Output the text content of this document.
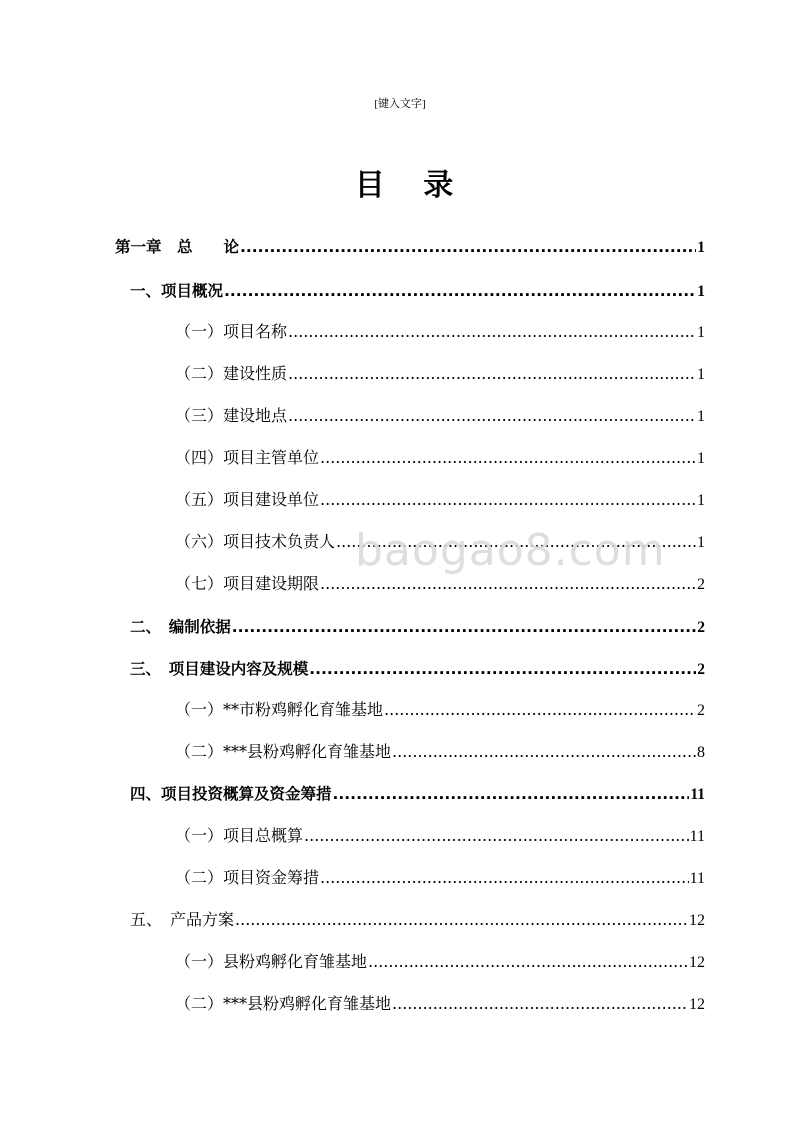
[键入文字]
目 录
第一章　总　　论 .....	1
一、项目概况 .....	1
（一）项目名称 .....	1
（二）建设性质 .....	1
（三）建设地点 .....	1
（四）项目主管单位 .....	1
（五）项目建设单位 .....	1
（六）项目技术负责人 .....	1
（七）项目建设期限 .....	2
二、　编制依据 .....	2
三、　项目建设内容及规模 .....	2
（一）**市粉鸡孵化育雏基地 .....	2
（二）***县粉鸡孵化育雏基地 .....	8
四、项目投资概算及资金筹措 .....	11
（一）项目总概算 .....	11
（二）项目资金筹措 .....	11
五、　产品方案 .....	12
（一）县粉鸡孵化育雏基地 .....	12
（二）***县粉鸡孵化育雏基地 .....	12
baogao8.com
